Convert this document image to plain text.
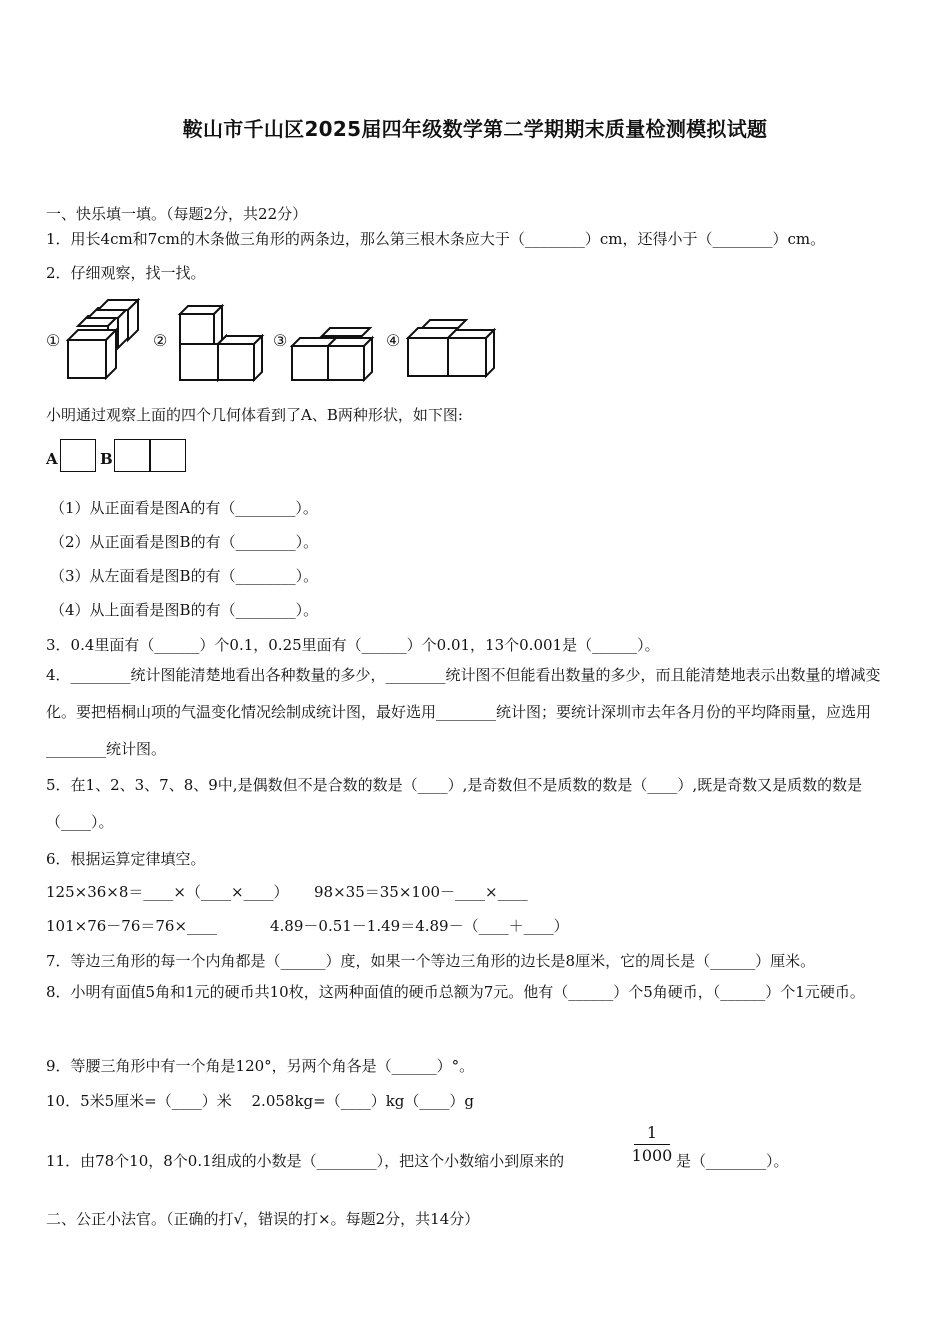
鞍山市千山区2025届四年级数学第二学期期末质量检测模拟试题
一、快乐填一填。（每题2分，共22分）
1．用长4cm和7cm的木条做三角形的两条边，那么第三根木条应大于（________）cm，还得小于（________）cm。
2．仔细观察，找一找。
①	②	③	④
小明通过观察上面的四个几何体看到了A、B两种形状，如下图:
A	B
（1）从正面看是图A的有（________）。
（2）从正面看是图B的有（________）。
（3）从左面看是图B的有（________）。
（4）从上面看是图B的有（________）。
3．0.4里面有（______）个0.1，0.25里面有（______）个0.01，13个0.001是（______）。
4．________统计图能清楚地看出各种数量的多少，________统计图不但能看出数量的多少，而且能清楚地表示出数量的增减变化。要把梧桐山项的气温变化情况绘制成统计图，最好选用________统计图；要统计深圳市去年各月份的平均降雨量，应选用________统计图。
5．在1、2、3、7、8、9中,是偶数但不是合数的数是（____）,是奇数但不是质数的数是（____）,既是奇数又是质数的数是（____）。
6．根据运算定律填空。
125×36×8＝____×（____×____）	98×35＝35×100－____×____
101×76－76＝76×____	4.89－0.51－1.49＝4.89－（____＋____）
7．等边三角形的每一个内角都是（______）度，如果一个等边三角形的边长是8厘米，它的周长是（______）厘米。
8．小明有面值5角和1元的硬币共10枚，这两种面值的硬币总额为7元。他有（______）个5角硬币，（______）个1元硬币。
9．等腰三角形中有一个角是120°，另两个角各是（______）°。
10．5米5厘米=（____）米　 2.058kg=（____）kg（____）g
11．由78个10，8个0.1组成的小数是（________），把这个小数缩小到原来的
1
1000 是（________）。
二、公正小法官。（正确的打√，错误的打×。每题2分，共14分）
